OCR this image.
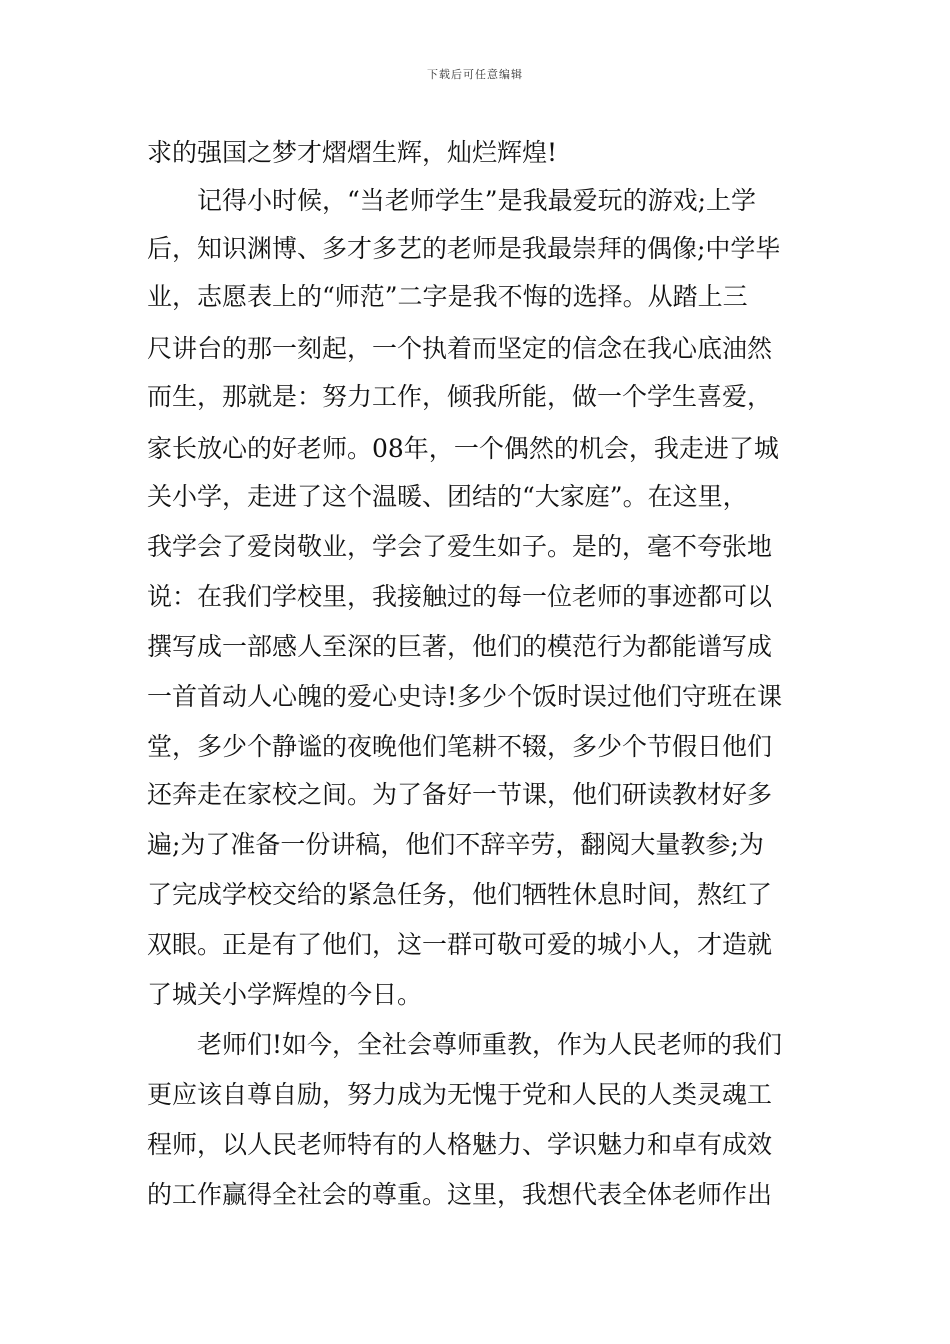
下载后可任意编辑
求的强国之梦才熠熠生辉，灿烂辉煌!
　　记得小时候，“当老师学生”是我最爱玩的游戏;上学
后，知识渊博、多才多艺的老师是我最崇拜的偶像;中学毕
业，志愿表上的“师范”二字是我不悔的选择。从踏上三
尺讲台的那一刻起，一个执着而坚定的信念在我心底油然
而生，那就是：努力工作，倾我所能，做一个学生喜爱，
家长放心的好老师。08年，一个偶然的机会，我走进了城
关小学，走进了这个温暖、团结的“大家庭”。在这里，
我学会了爱岗敬业，学会了爱生如子。是的，毫不夸张地
说：在我们学校里，我接触过的每一位老师的事迹都可以
撰写成一部感人至深的巨著，他们的模范行为都能谱写成
一首首动人心魄的爱心史诗!多少个饭时误过他们守班在课
堂，多少个静谧的夜晚他们笔耕不辍，多少个节假日他们
还奔走在家校之间。为了备好一节课，他们研读教材好多
遍;为了准备一份讲稿，他们不辞辛劳，翻阅大量教参;为
了完成学校交给的紧急任务，他们牺牲休息时间，熬红了
双眼。正是有了他们，这一群可敬可爱的城小人，才造就
了城关小学辉煌的今日。
　　老师们!如今，全社会尊师重教，作为人民老师的我们
更应该自尊自励，努力成为无愧于党和人民的人类灵魂工
程师，以人民老师特有的人格魅力、学识魅力和卓有成效
的工作赢得全社会的尊重。这里，我想代表全体老师作出
